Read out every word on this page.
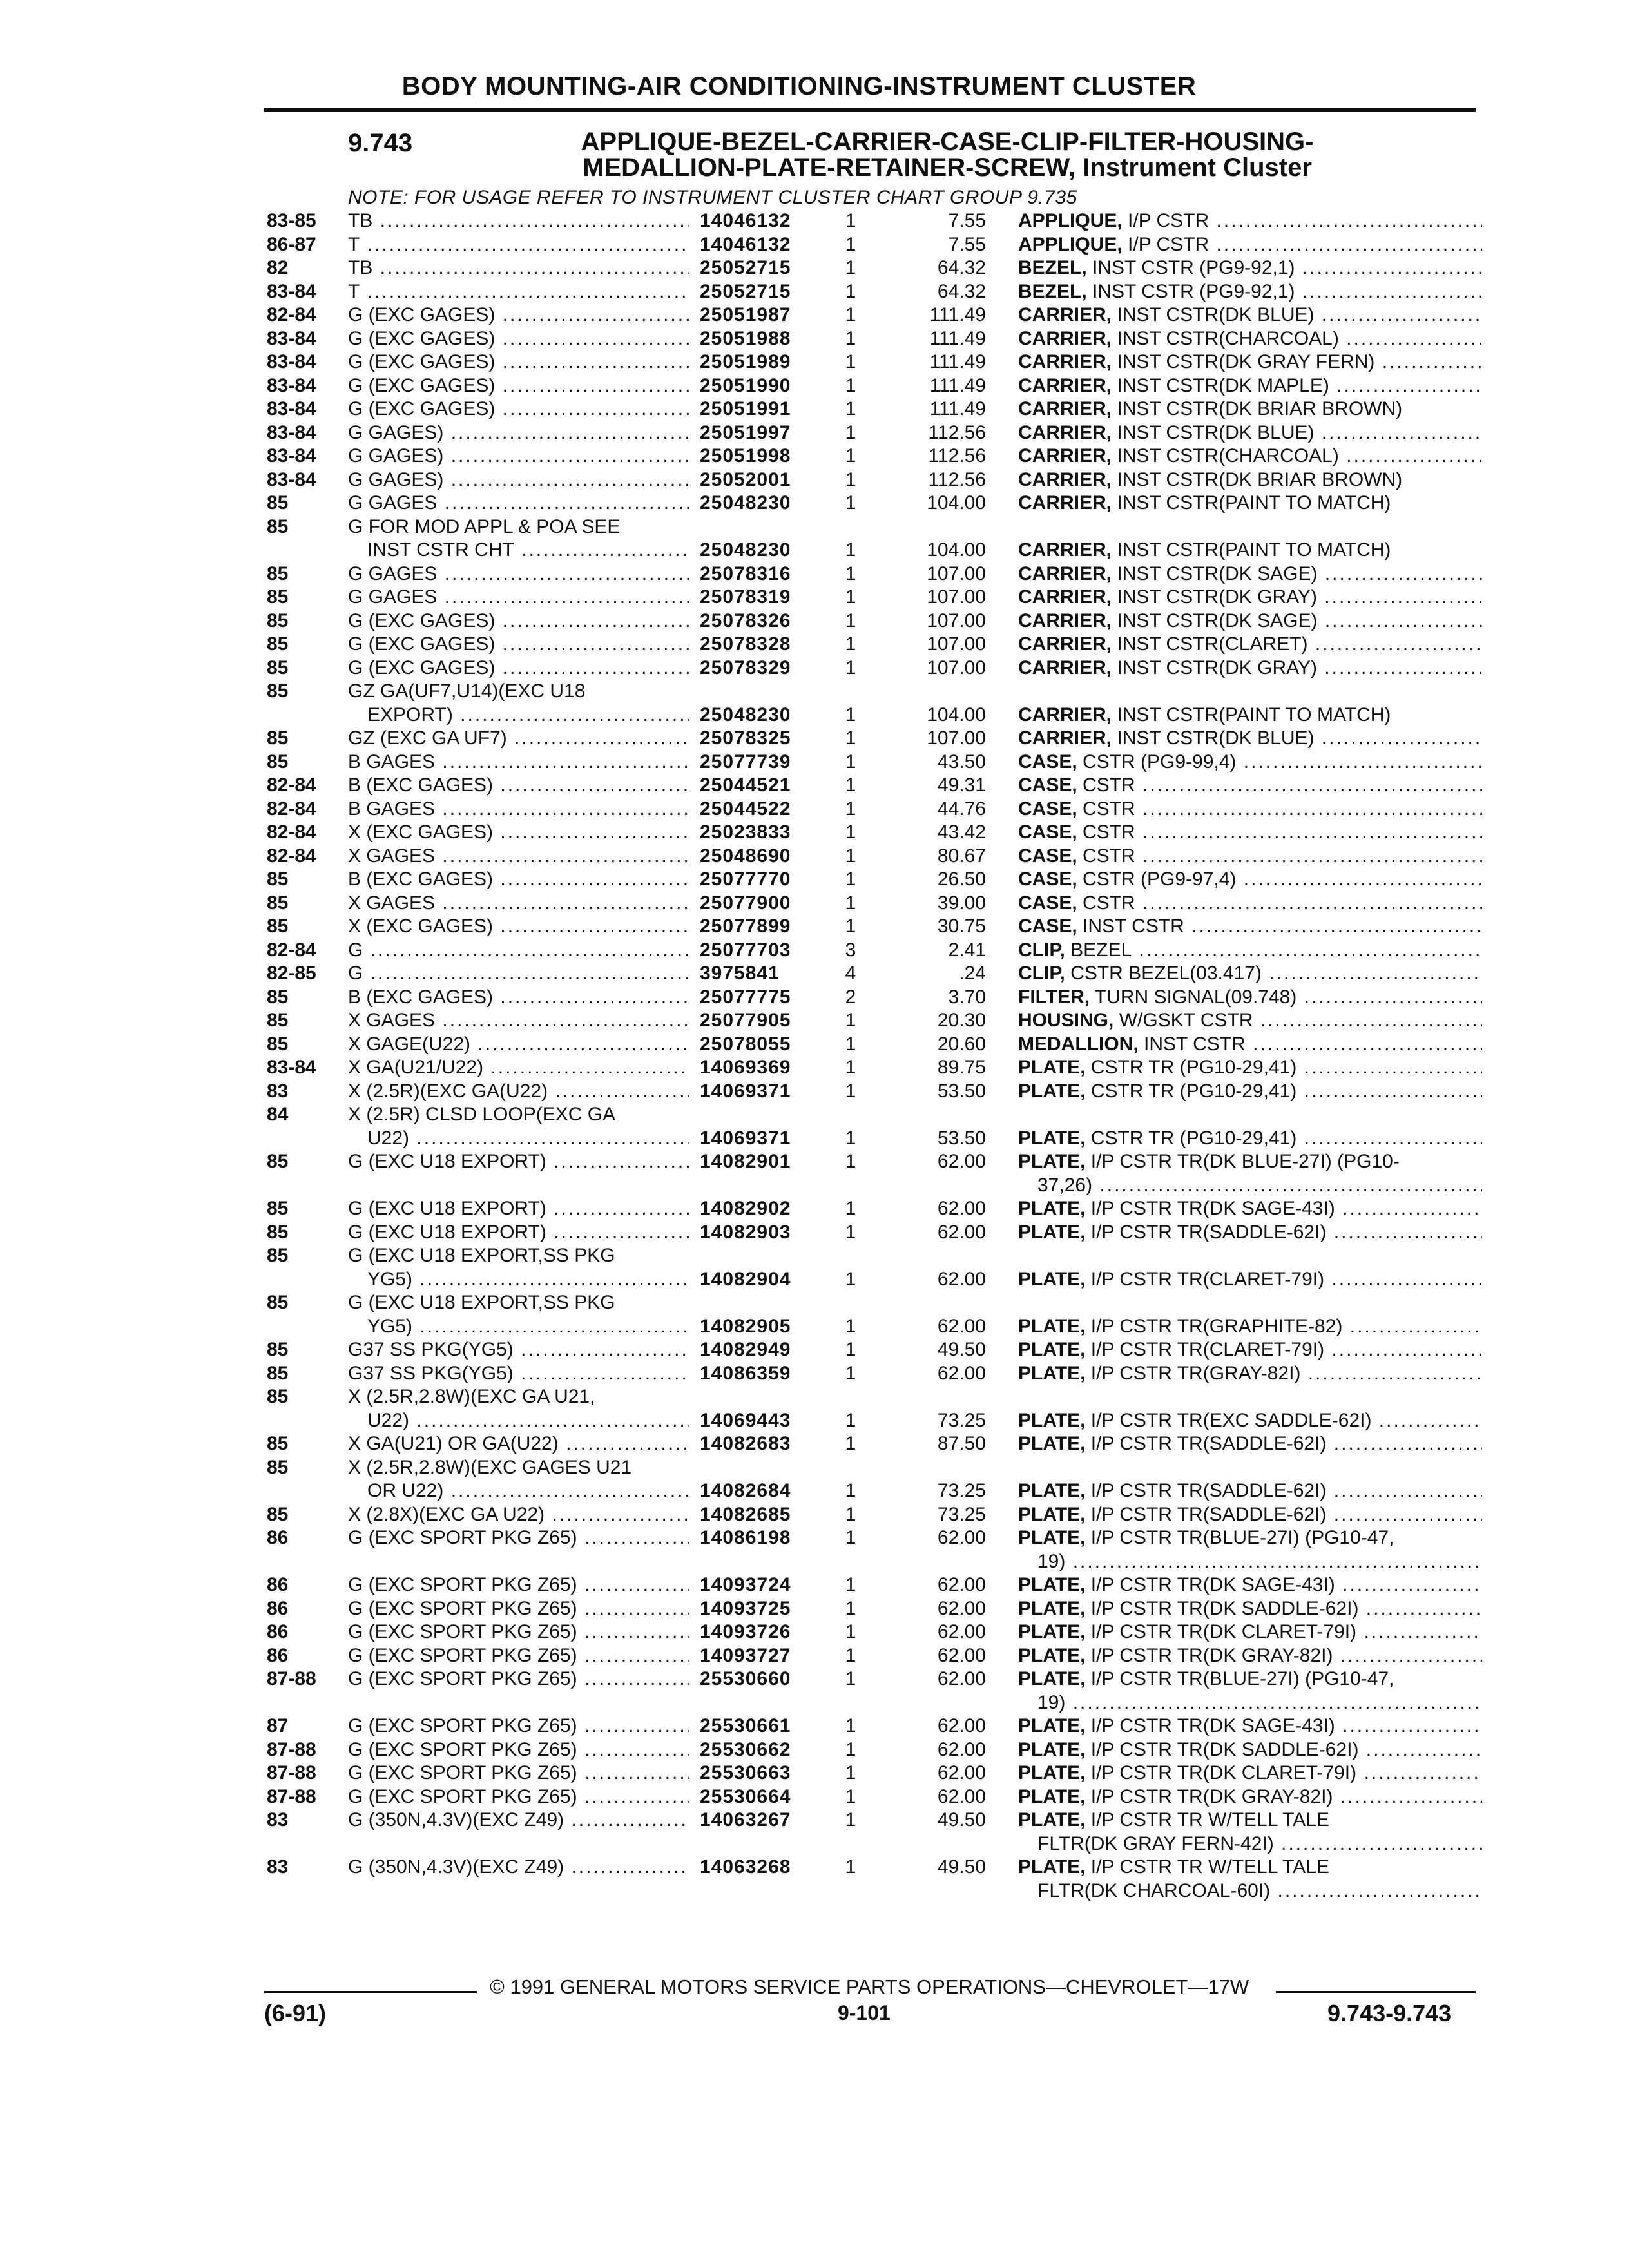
BODY MOUNTING-AIR CONDITIONING-INSTRUMENT CLUSTER
9.743	APPLIQUE-BEZEL-CARRIER-CASE-CLIP-FILTER-HOUSING-
MEDALLION-PLATE-RETAINER-SCREW, Instrument Cluster
NOTE: FOR USAGE REFER TO INSTRUMENT CLUSTER CHART GROUP 9.735
83-85 TB .....	14046132	1	7.55 APPLIQUE, I/P CSTR .....
86-87 T .....	14046132	1	7.55 APPLIQUE, I/P CSTR .....
82	TB .....	25052715	1	64.32 BEZEL, INST CSTR (PG9-92,1) .....
83-84 T .....	25052715	1	64.32 BEZEL, INST CSTR (PG9-92,1) .....
82-84 G (EXC GAGES) .....	25051987	1	111.49 CARRIER, INST CSTR(DK BLUE) .....
83-84 G (EXC GAGES) .....	25051988	1	111.49 CARRIER, INST CSTR(CHARCOAL) .....
83-84 G (EXC GAGES) .....	25051989	1	111.49 CARRIER, INST CSTR(DK GRAY FERN) .....
83-84 G (EXC GAGES) .....	25051990	1	111.49 CARRIER, INST CSTR(DK MAPLE) .....
83-84 G (EXC GAGES) .....	25051991	1	111.49 CARRIER, INST CSTR(DK BRIAR BROWN)
83-84 G GAGES) .....	25051997	1	112.56 CARRIER, INST CSTR(DK BLUE) .....
83-84 G GAGES) .....	25051998	1	112.56 CARRIER, INST CSTR(CHARCOAL) .....
83-84 G GAGES) .....	25052001	1	112.56 CARRIER, INST CSTR(DK BRIAR BROWN)
85	G GAGES .....	25048230	1	104.00 CARRIER, INST CSTR(PAINT TO MATCH)
85	G FOR MOD APPL & POA SEE
INST CSTR CHT .....	25048230	1	104.00 CARRIER, INST CSTR(PAINT TO MATCH)
85	G GAGES .....	25078316	1	107.00 CARRIER, INST CSTR(DK SAGE) .....
85	G GAGES .....	25078319	1	107.00 CARRIER, INST CSTR(DK GRAY) .....
85	G (EXC GAGES) .....	25078326	1	107.00 CARRIER, INST CSTR(DK SAGE) .....
85	G (EXC GAGES) .....	25078328	1	107.00 CARRIER, INST CSTR(CLARET) .....
85	G (EXC GAGES) .....	25078329	1	107.00 CARRIER, INST CSTR(DK GRAY) .....
85	GZ GA(UF7,U14)(EXC U18
EXPORT) .....	25048230	1	104.00 CARRIER, INST CSTR(PAINT TO MATCH)
85	GZ (EXC GA UF7) .....	25078325	1	107.00 CARRIER, INST CSTR(DK BLUE) .....
85	B GAGES .....	25077739	1	43.50 CASE, CSTR (PG9-99,4) .....
82-84 B (EXC GAGES) .....	25044521	1	49.31 CASE, CSTR .....
82-84 B GAGES .....	25044522	1	44.76 CASE, CSTR .....
82-84 X (EXC GAGES) .....	25023833	1	43.42 CASE, CSTR .....
82-84 X GAGES .....	25048690	1	80.67 CASE, CSTR .....
85	B (EXC GAGES) .....	25077770	1	26.50 CASE, CSTR (PG9-97,4) .....
85	X GAGES .....	25077900	1	39.00 CASE, CSTR .....
85	X (EXC GAGES) .....	25077899	1	30.75 CASE, INST CSTR .....
82-84 G .....	25077703	3	2.41 CLIP, BEZEL .....
82-85 G .....	3975841	4	.24 CLIP, CSTR BEZEL(03.417) .....
85	B (EXC GAGES) .....	25077775	2	3.70 FILTER, TURN SIGNAL(09.748) .....
85	X GAGES .....	25077905	1	20.30 HOUSING, W/GSKT CSTR .....
85	X GAGE(U22) .....	25078055	1	20.60 MEDALLION, INST CSTR .....
83-84 X GA(U21/U22) .....	14069369	1	89.75 PLATE, CSTR TR (PG10-29,41) .....
83	X (2.5R)(EXC GA(U22) .....	14069371	1	53.50 PLATE, CSTR TR (PG10-29,41) .....
84	X (2.5R) CLSD LOOP(EXC GA
U22) .....	14069371	1	53.50 PLATE, CSTR TR (PG10-29,41) .....
85	G (EXC U18 EXPORT) .....	14082901	1	62.00 PLATE, I/P CSTR TR(DK BLUE-27I) (PG10-
37,26) .....
85	G (EXC U18 EXPORT) .....	14082902	1	62.00 PLATE, I/P CSTR TR(DK SAGE-43I) .....
85	G (EXC U18 EXPORT) .....	14082903	1	62.00 PLATE, I/P CSTR TR(SADDLE-62I) .....
85	G (EXC U18 EXPORT,SS PKG
YG5) .....	14082904	1	62.00 PLATE, I/P CSTR TR(CLARET-79I) .....
85	G (EXC U18 EXPORT,SS PKG
YG5) .....	14082905	1	62.00 PLATE, I/P CSTR TR(GRAPHITE-82) .....
85	G37 SS PKG(YG5) .....	14082949	1	49.50 PLATE, I/P CSTR TR(CLARET-79I) .....
85	G37 SS PKG(YG5) .....	14086359	1	62.00 PLATE, I/P CSTR TR(GRAY-82I) .....
85	X (2.5R,2.8W)(EXC GA U21,
U22) .....	14069443	1	73.25 PLATE, I/P CSTR TR(EXC SADDLE-62I) .....
85	X GA(U21) OR GA(U22) .....	14082683	1	87.50 PLATE, I/P CSTR TR(SADDLE-62I) .....
85	X (2.5R,2.8W)(EXC GAGES U21
OR U22) .....	14082684	1	73.25 PLATE, I/P CSTR TR(SADDLE-62I) .....
85	X (2.8X)(EXC GA U22) .....	14082685	1	73.25 PLATE, I/P CSTR TR(SADDLE-62I) .....
86	G (EXC SPORT PKG Z65) .....	14086198	1	62.00 PLATE, I/P CSTR TR(BLUE-27I) (PG10-47,
19) .....
86	G (EXC SPORT PKG Z65) .....	14093724	1	62.00 PLATE, I/P CSTR TR(DK SAGE-43I) .....
86	G (EXC SPORT PKG Z65) .....	14093725	1	62.00 PLATE, I/P CSTR TR(DK SADDLE-62I) .....
86	G (EXC SPORT PKG Z65) .....	14093726	1	62.00 PLATE, I/P CSTR TR(DK CLARET-79I) .....
86	G (EXC SPORT PKG Z65) .....	14093727	1	62.00 PLATE, I/P CSTR TR(DK GRAY-82I) .....
87-88 G (EXC SPORT PKG Z65) .....	25530660	1	62.00 PLATE, I/P CSTR TR(BLUE-27I) (PG10-47,
19) .....
87	G (EXC SPORT PKG Z65) .....	25530661	1	62.00 PLATE, I/P CSTR TR(DK SAGE-43I) .....
87-88 G (EXC SPORT PKG Z65) .....	25530662	1	62.00 PLATE, I/P CSTR TR(DK SADDLE-62I) .....
87-88 G (EXC SPORT PKG Z65) .....	25530663	1	62.00 PLATE, I/P CSTR TR(DK CLARET-79I) .....
87-88 G (EXC SPORT PKG Z65) .....	25530664	1	62.00 PLATE, I/P CSTR TR(DK GRAY-82I) .....
83	G (350N,4.3V)(EXC Z49) .....	14063267	1	49.50 PLATE, I/P CSTR TR W/TELL TALE
FLTR(DK GRAY FERN-42I) .....
83	G (350N,4.3V)(EXC Z49) .....	14063268	1	49.50 PLATE, I/P CSTR TR W/TELL TALE
FLTR(DK CHARCOAL-60I) .....
© 1991 GENERAL MOTORS SERVICE PARTS OPERATIONS—CHEVROLET—17W
(6-91)	9-101	9.743-9.743
